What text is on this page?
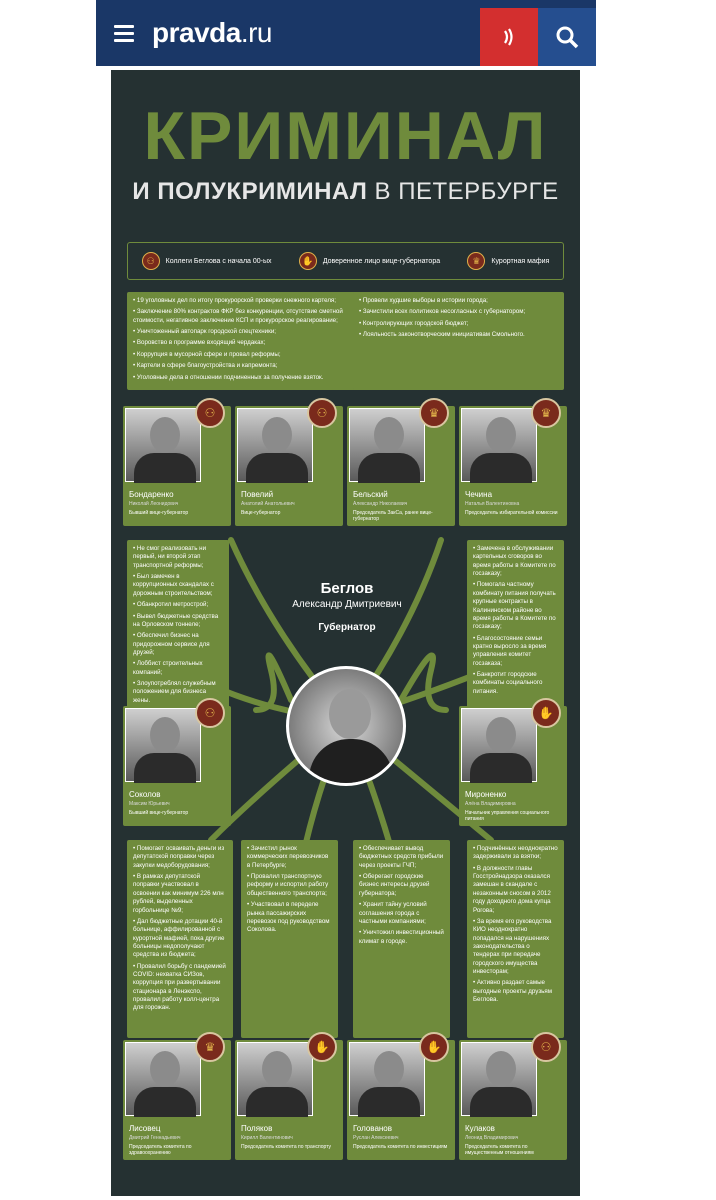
pravda.ru
КРИМИНАЛ
И ПОЛУКРИМИНАЛ В ПЕТЕРБУРГЕ
⚇	Коллеги Беглова с начала 00-ых	✋	Доверенное лицо вице-губернатора	♛	Курортная мафия
• 19 уголовных дел по итогу прокурорской проверки снежного картеля;
• Заключение 80% контрактов ФКР без конкуренции, отсутствие сметной стоимости, негативное заключение КСП и прокурорское реагирование;
• Уничтоженный автопарк городской спецтехники;
• Воровство в программе входящий чердаках;
• Коррупция в мусорной сфере и провал реформы;
• Картели в сфере благоустройства и капремонта;
• Уголовные дела в отношении подчиненных за получение взяток.
• Провели худшие выборы в истории города;
• Зачистили всех политиков несогласных с губернатором;
• Контролирующих городской бюджет;
• Лояльность законотворческим инициативам Смольного.
⚇
Бондаренко
Николай Леонидович
Бывший вице-губернатор
⚇
Повелий
Анатолий Анатольевич
Вице-губернатор
♛
Бельский
Александр Николаевич
Председатель ЗакСа, ранее вице-губернатор
♛
Чечина
Наталья Валентиновна
Председатель избирательной комиссии
Беглов
Александр Дмитриевич
Губернатор
• Не смог реализовать ни первый, ни второй этап транспортной реформы;
• Был замечен в коррупционных скандалах с дорожным строительством;
• Обанкротил метрострой;
• Вывел бюджетные средства на Орловском тоннеле;
• Обеспечил бизнес на придорожном сервисе для друзей;
• Лоббист строительных компаний;
• Злоупотреблял служебным положением для бизнеса жены.
• Замечена в обслуживании картельных сговоров во время работы в Комитете по госзаказу;
• Помогала частному комбинату питания получать крупные контракты в Калининском районе во время работы в Комитете по госзаказу;
• Благосостояние семьи кратно выросло за время управления комитет госзаказа;
• Банкротит городские комбинаты социального питания.
⚇
Соколов
Максим Юрьевич
Бывший вице-губернатор
✋
Мироненко
Алёна Владимировна
Начальник управления социального питания
• Помогает осваивать деньги из депутатской поправки через закупки медоборудования;
• В рамках депутатской поправки участвовал в освоении как минимум 226 млн рублей, выделенных горбольнице №9;
• Дал бюджетные дотации 40-й больнице, аффилированной с курортной мафией, пока другие больницы недополучают средства из бюджета;
• Провалил борьбу с пандемией COVID: нехватка СИЗов, коррупция при развертывании стационара в Ленэкспо, провалил работу колл-центра для горожан.
• Зачистил рынок коммерческих перевозчиков в Петербурге;
• Провалил транспортную реформу и испортил работу общественного транспорта;
• Участвовал в переделе рынка пассажирских перевозок под руководством Соколова.
• Обеспечивает вывод бюджетных средств прибыли через проекты ГЧП;
• Оберегает городские бизнес интересы друзей губернатора;
• Хранит тайну условий соглашения города с частными компаниями;
• Уничтожил инвестиционный климат в городе.
• Подчинённых неоднократно задерживали за взятки;
• В должности главы Госстройнадзора оказался замешан в скандале с незаконным сносом в 2012 году доходного дома купца Рогова;
• За время его руководства КИО неоднократно попадался на нарушениях законодательства о тендерах при передаче городского имущества инвесторам;
• Активно раздает самые выгодные проекты друзьям Беглова.
♛
Лисовец
Дмитрий Геннадьевич
Председатель комитета по здравоохранению
✋
Поляков
Кирилл Валентинович
Председатель комитета по транспорту
✋
Голованов
Руслан Алексеевич
Председатель комитета по инвестициям
⚇
Кулаков
Леонид Владимирович
Председатель комитета по имущественным отношениям
